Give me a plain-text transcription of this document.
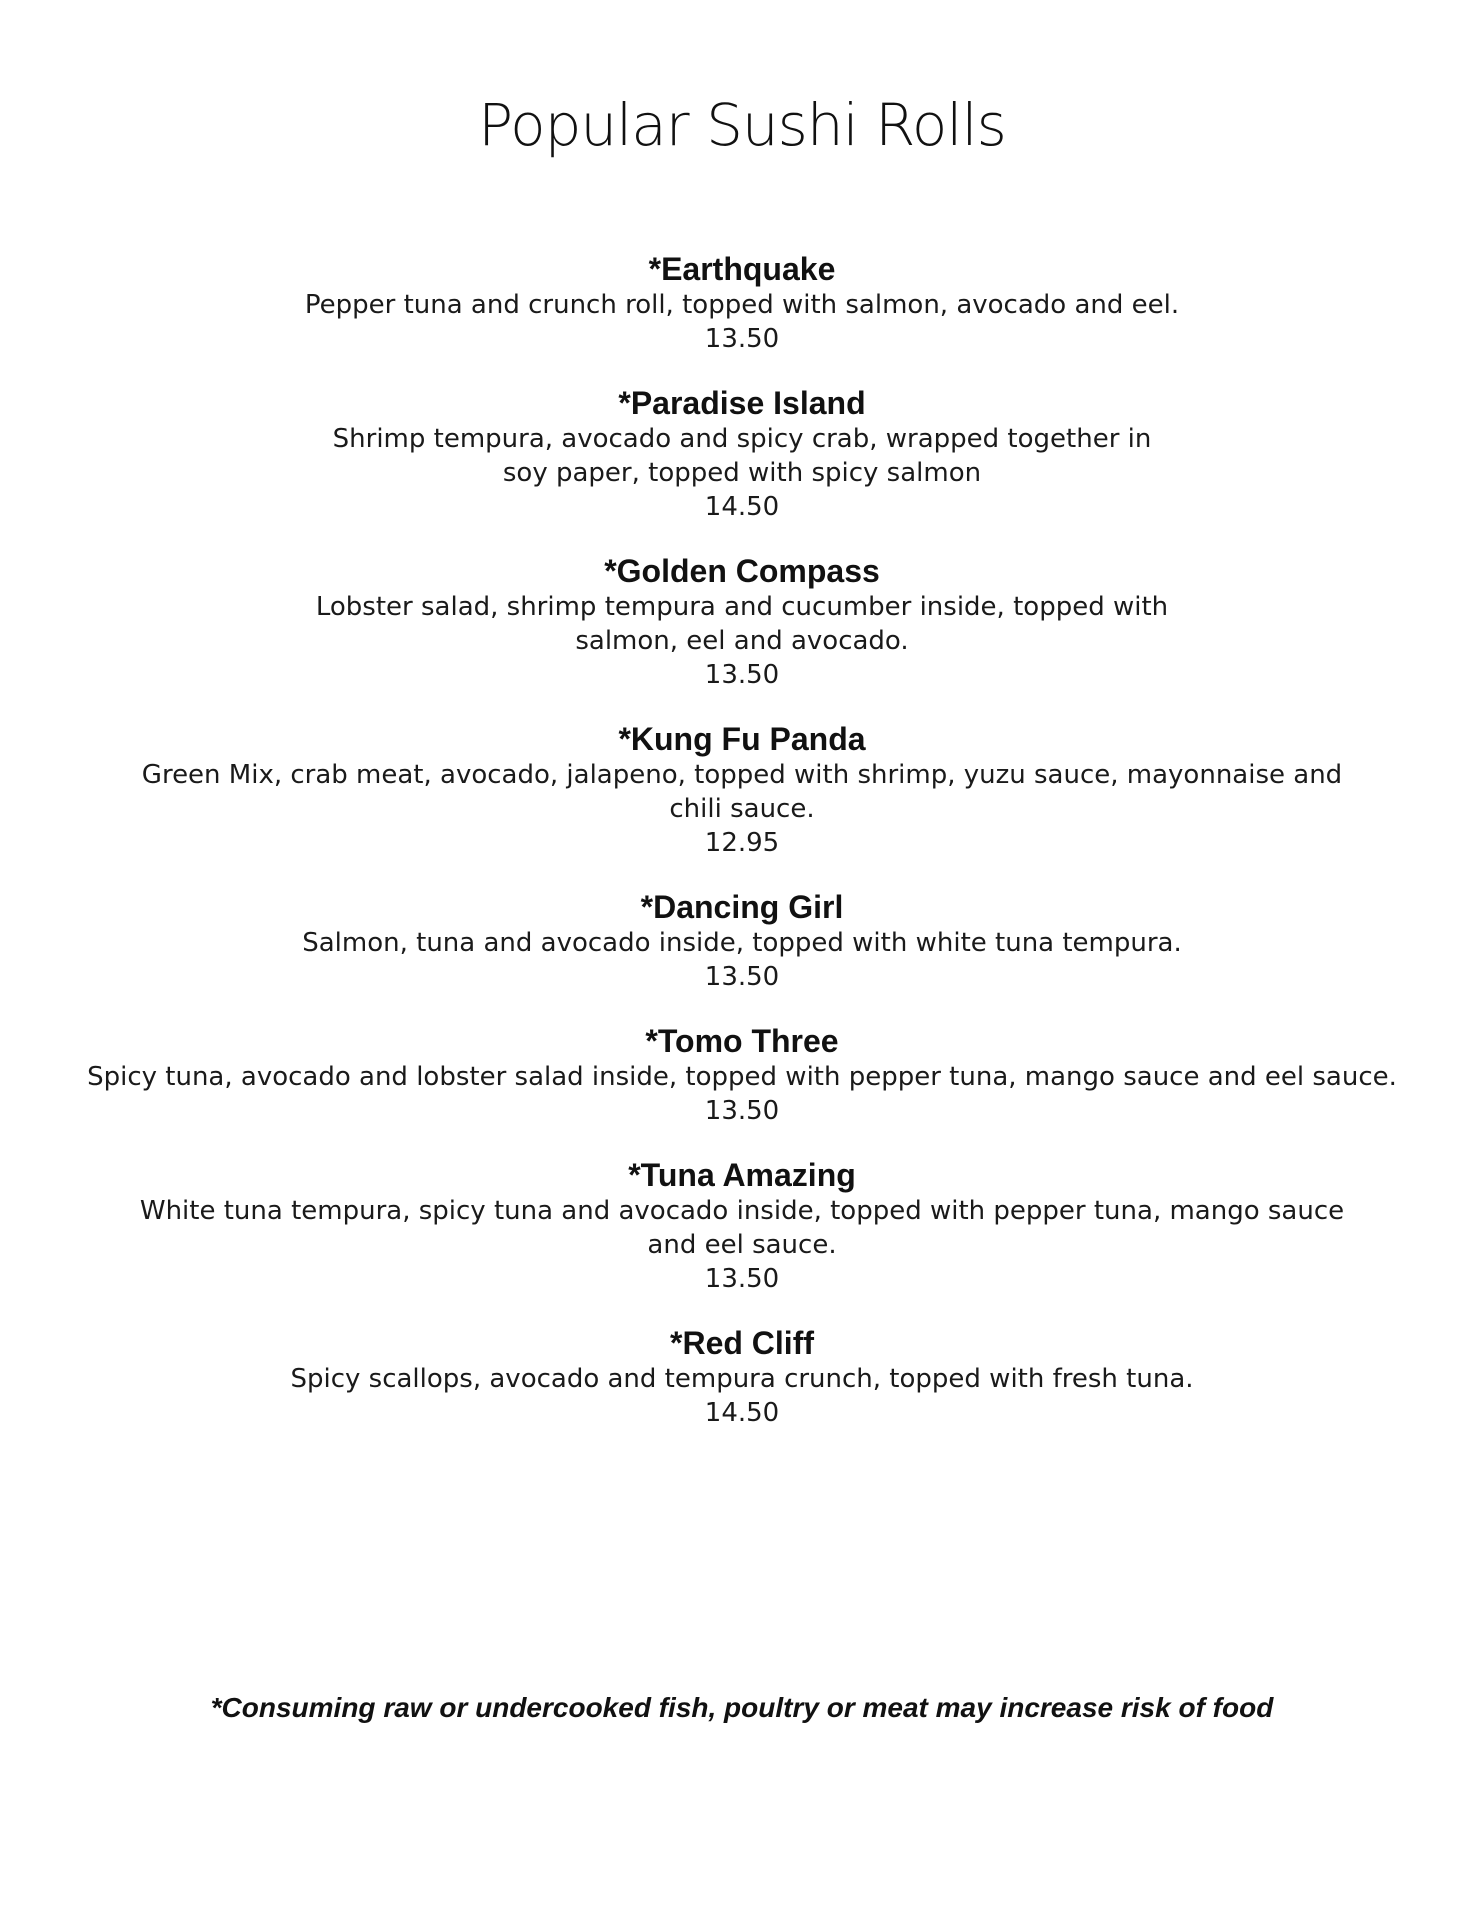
Popular Sushi Rolls
*Earthquake
Pepper tuna and crunch roll, topped with salmon, avocado and eel.
13.50
*Paradise Island
Shrimp tempura, avocado and spicy crab, wrapped together in
soy paper, topped with spicy salmon
14.50
*Golden Compass
Lobster salad, shrimp tempura and cucumber inside, topped with
salmon, eel and avocado.
13.50
*Kung Fu Panda
Green Mix, crab meat, avocado, jalapeno, topped with shrimp, yuzu sauce, mayonnaise and
chili sauce.
12.95
*Dancing Girl
Salmon, tuna and avocado inside, topped with white tuna tempura.
13.50
*Tomo Three
Spicy tuna, avocado and lobster salad inside, topped with pepper tuna, mango sauce and eel sauce.
13.50
*Tuna Amazing
White tuna tempura, spicy tuna and avocado inside, topped with pepper tuna, mango sauce
and eel sauce.
13.50
*Red Cliff
Spicy scallops, avocado and tempura crunch, topped with fresh tuna.
14.50
*Consuming raw or undercooked fish, poultry or meat may increase risk of food
